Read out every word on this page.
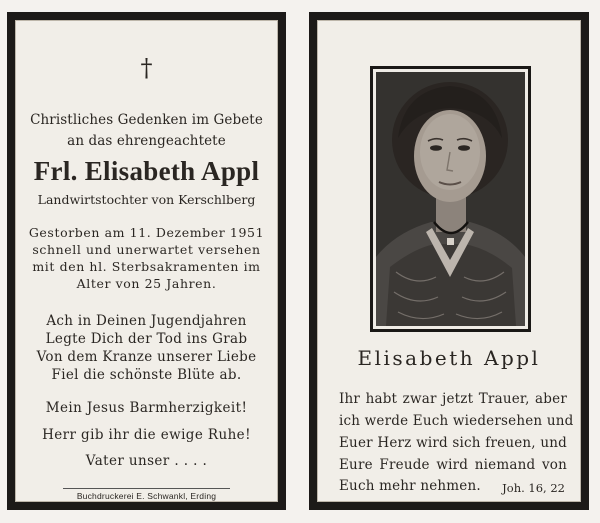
†
Christliches Gedenken im Gebete
an das ehrengeachtete
Frl. Elisabeth Appl
Landwirtstochter von Kerschlberg
Gestorben am 11. Dezember 1951
schnell und unerwartet versehen
mit den hl. Sterbsakramenten im
Alter von 25 Jahren.
Ach in Deinen Jugendjahren
Legte Dich der Tod ins Grab
Von dem Kranze unserer Liebe
Fiel die schönste Blüte ab.
Mein Jesus Barmherzigkeit!
Herr gib ihr die ewige Ruhe!
Vater unser . . . .
Buchdruckerei E. Schwankl, Erding
Elisabeth Appl
Ihr habt zwar jetzt Trauer, aber
ich werde Euch wiedersehen und
Euer Herz wird sich freuen, und
Eure Freude wird niemand von
Euch mehr nehmen. Joh. 16, 22
